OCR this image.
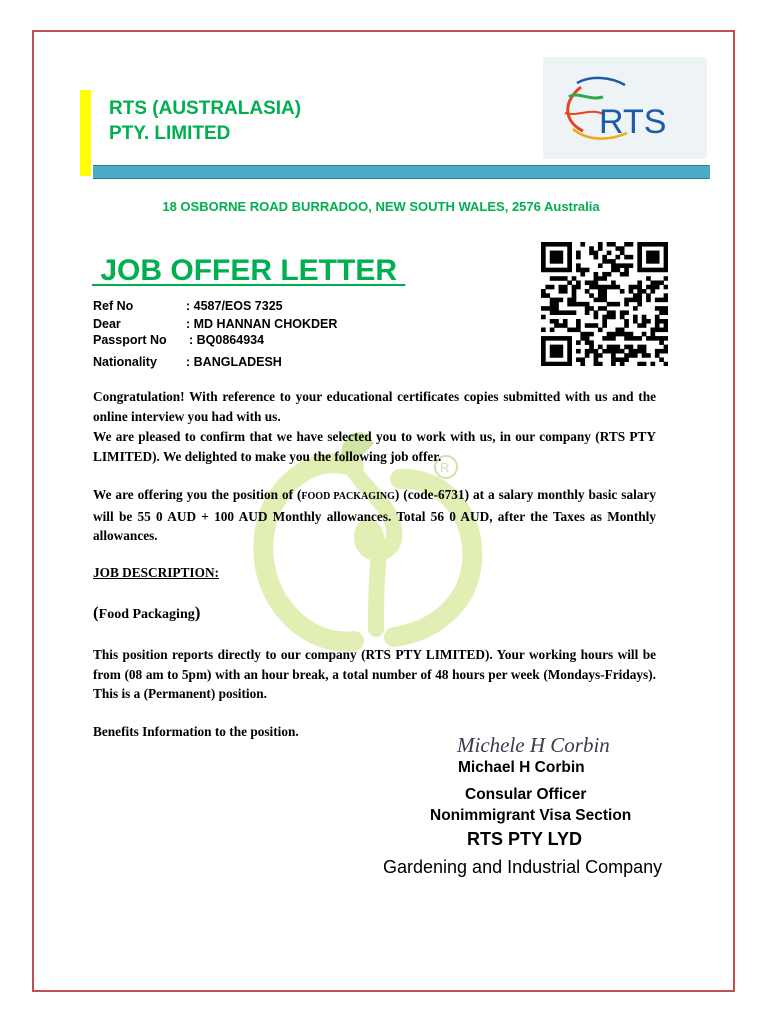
RTS (AUSTRALASIA)
PTY. LIMITED	RTS
18 OSBORNE ROAD BURRADOO, NEW SOUTH WALES, 2576 Australia
JOB OFFER LETTER
Ref No	: 4587/EOS 7325
Dear	: MD HANNAN CHOKDER
Passport No : BQ0864934
Nationality : BANGLADESH
R
Congratulation! With reference to your educational certificates copies submitted with us and the online interview you had with us.
We are pleased to confirm that we have selected you to work with us, in our company (RTS PTY LIMITED). We delighted to make you the following job offer.
We are offering you the position of (FOOD PACKAGING) (code-6731) at a salary monthly basic salary will be 55 0 AUD + 100 AUD Monthly allowances. Total 56 0 AUD, after the Taxes as Monthly allowances.
JOB DESCRIPTION:
(Food Packaging)
This position reports directly to our company (RTS PTY LIMITED). Your working hours will be from (08 am to 5pm) with an hour break, a total number of 48 hours per week (Mondays-Fridays). This is a (Permanent) position.
Benefits Information to the position.
Michele H Corbin
Michael H Corbin
Consular Officer
Nonimmigrant Visa Section
RTS PTY LYD
Gardening and Industrial Company
